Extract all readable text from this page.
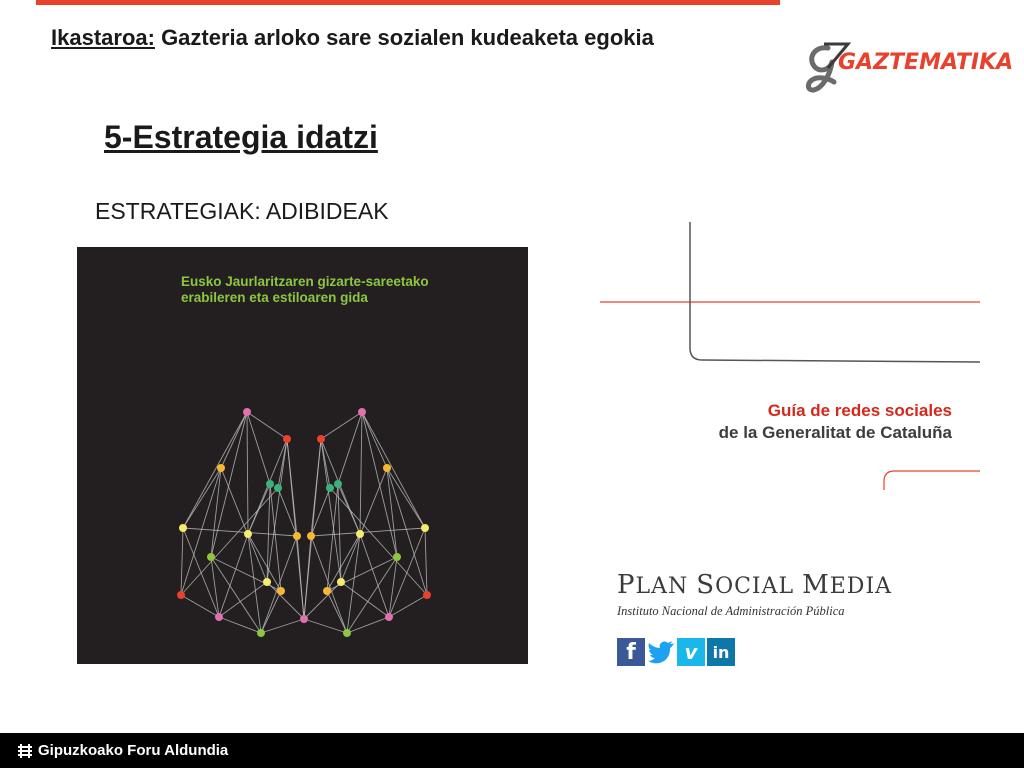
Ikastaroa: Gazteria arloko sare sozialen kudeaketa egokia
GAZTEMATIKA
5-Estrategia idatzi
ESTRATEGIAK: ADIBIDEAK
Eusko Jaurlaritzaren gizarte-sareetako
erabileren eta estiloaren gida
Guía de redes sociales
de la Generalitat de Cataluña
PLAN SOCIAL MEDIA
Instituto Nacional de Administración Pública
f	v in
Gipuzkoako Foru Aldundia
